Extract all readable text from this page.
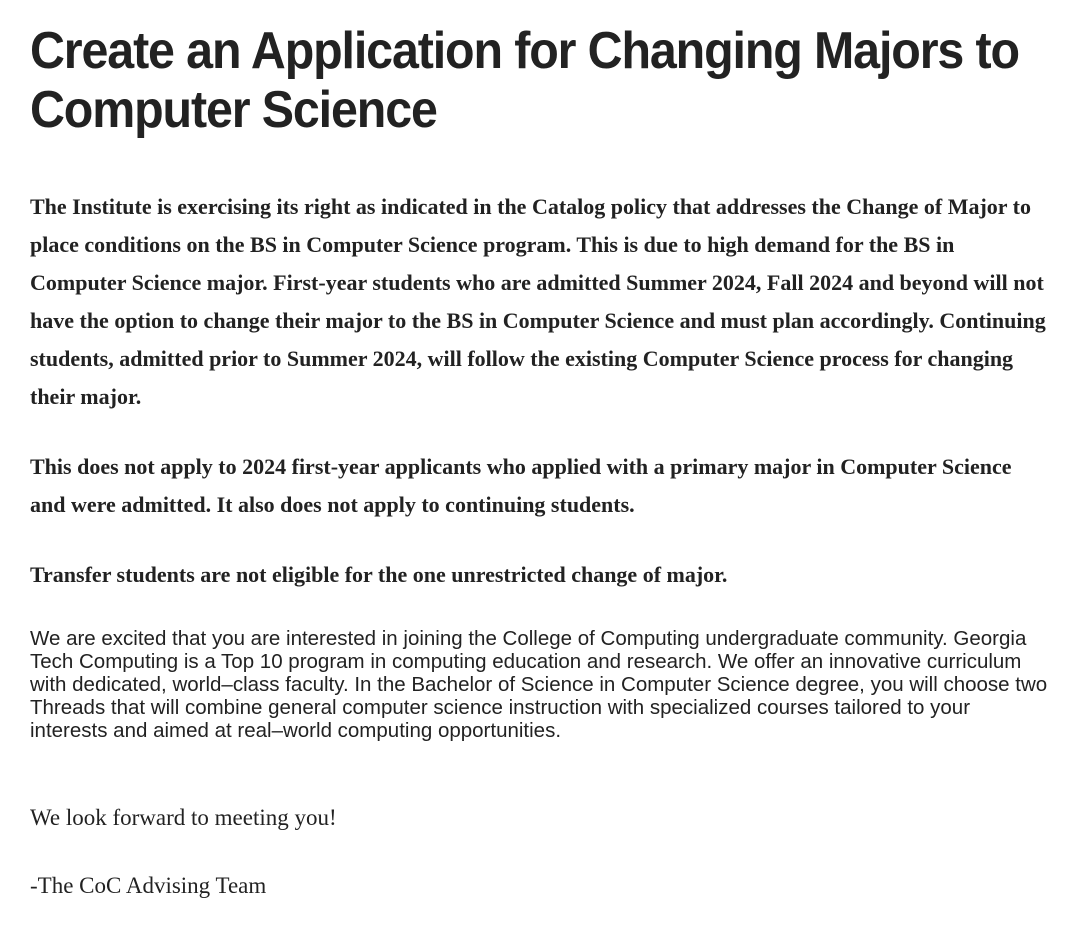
Create an Application for Changing Majors to Computer Science

The Institute is exercising its right as indicated in the Catalog policy that addresses the Change of Major to place conditions on the BS in Computer Science program. This is due to high demand for the BS in Computer Science major. First-year students who are admitted Summer 2024, Fall 2024 and beyond will not have the option to change their major to the BS in Computer Science and must plan accordingly. Continuing students, admitted prior to Summer 2024, will follow the existing Computer Science process for changing their major.

This does not apply to 2024 first-year applicants who applied with a primary major in Computer Science and were admitted. It also does not apply to continuing students.

Transfer students are not eligible for the one unrestricted change of major.

We are excited that you are interested in joining the College of Computing undergraduate community. Georgia Tech Computing is a Top 10 program in computing education and research. We offer an innovative curriculum with dedicated, world–class faculty. In the Bachelor of Science in Computer Science degree, you will choose two Threads that will combine general computer science instruction with specialized courses tailored to your interests and aimed at real–world computing opportunities.

We look forward to meeting you!

-The CoC Advising Team
